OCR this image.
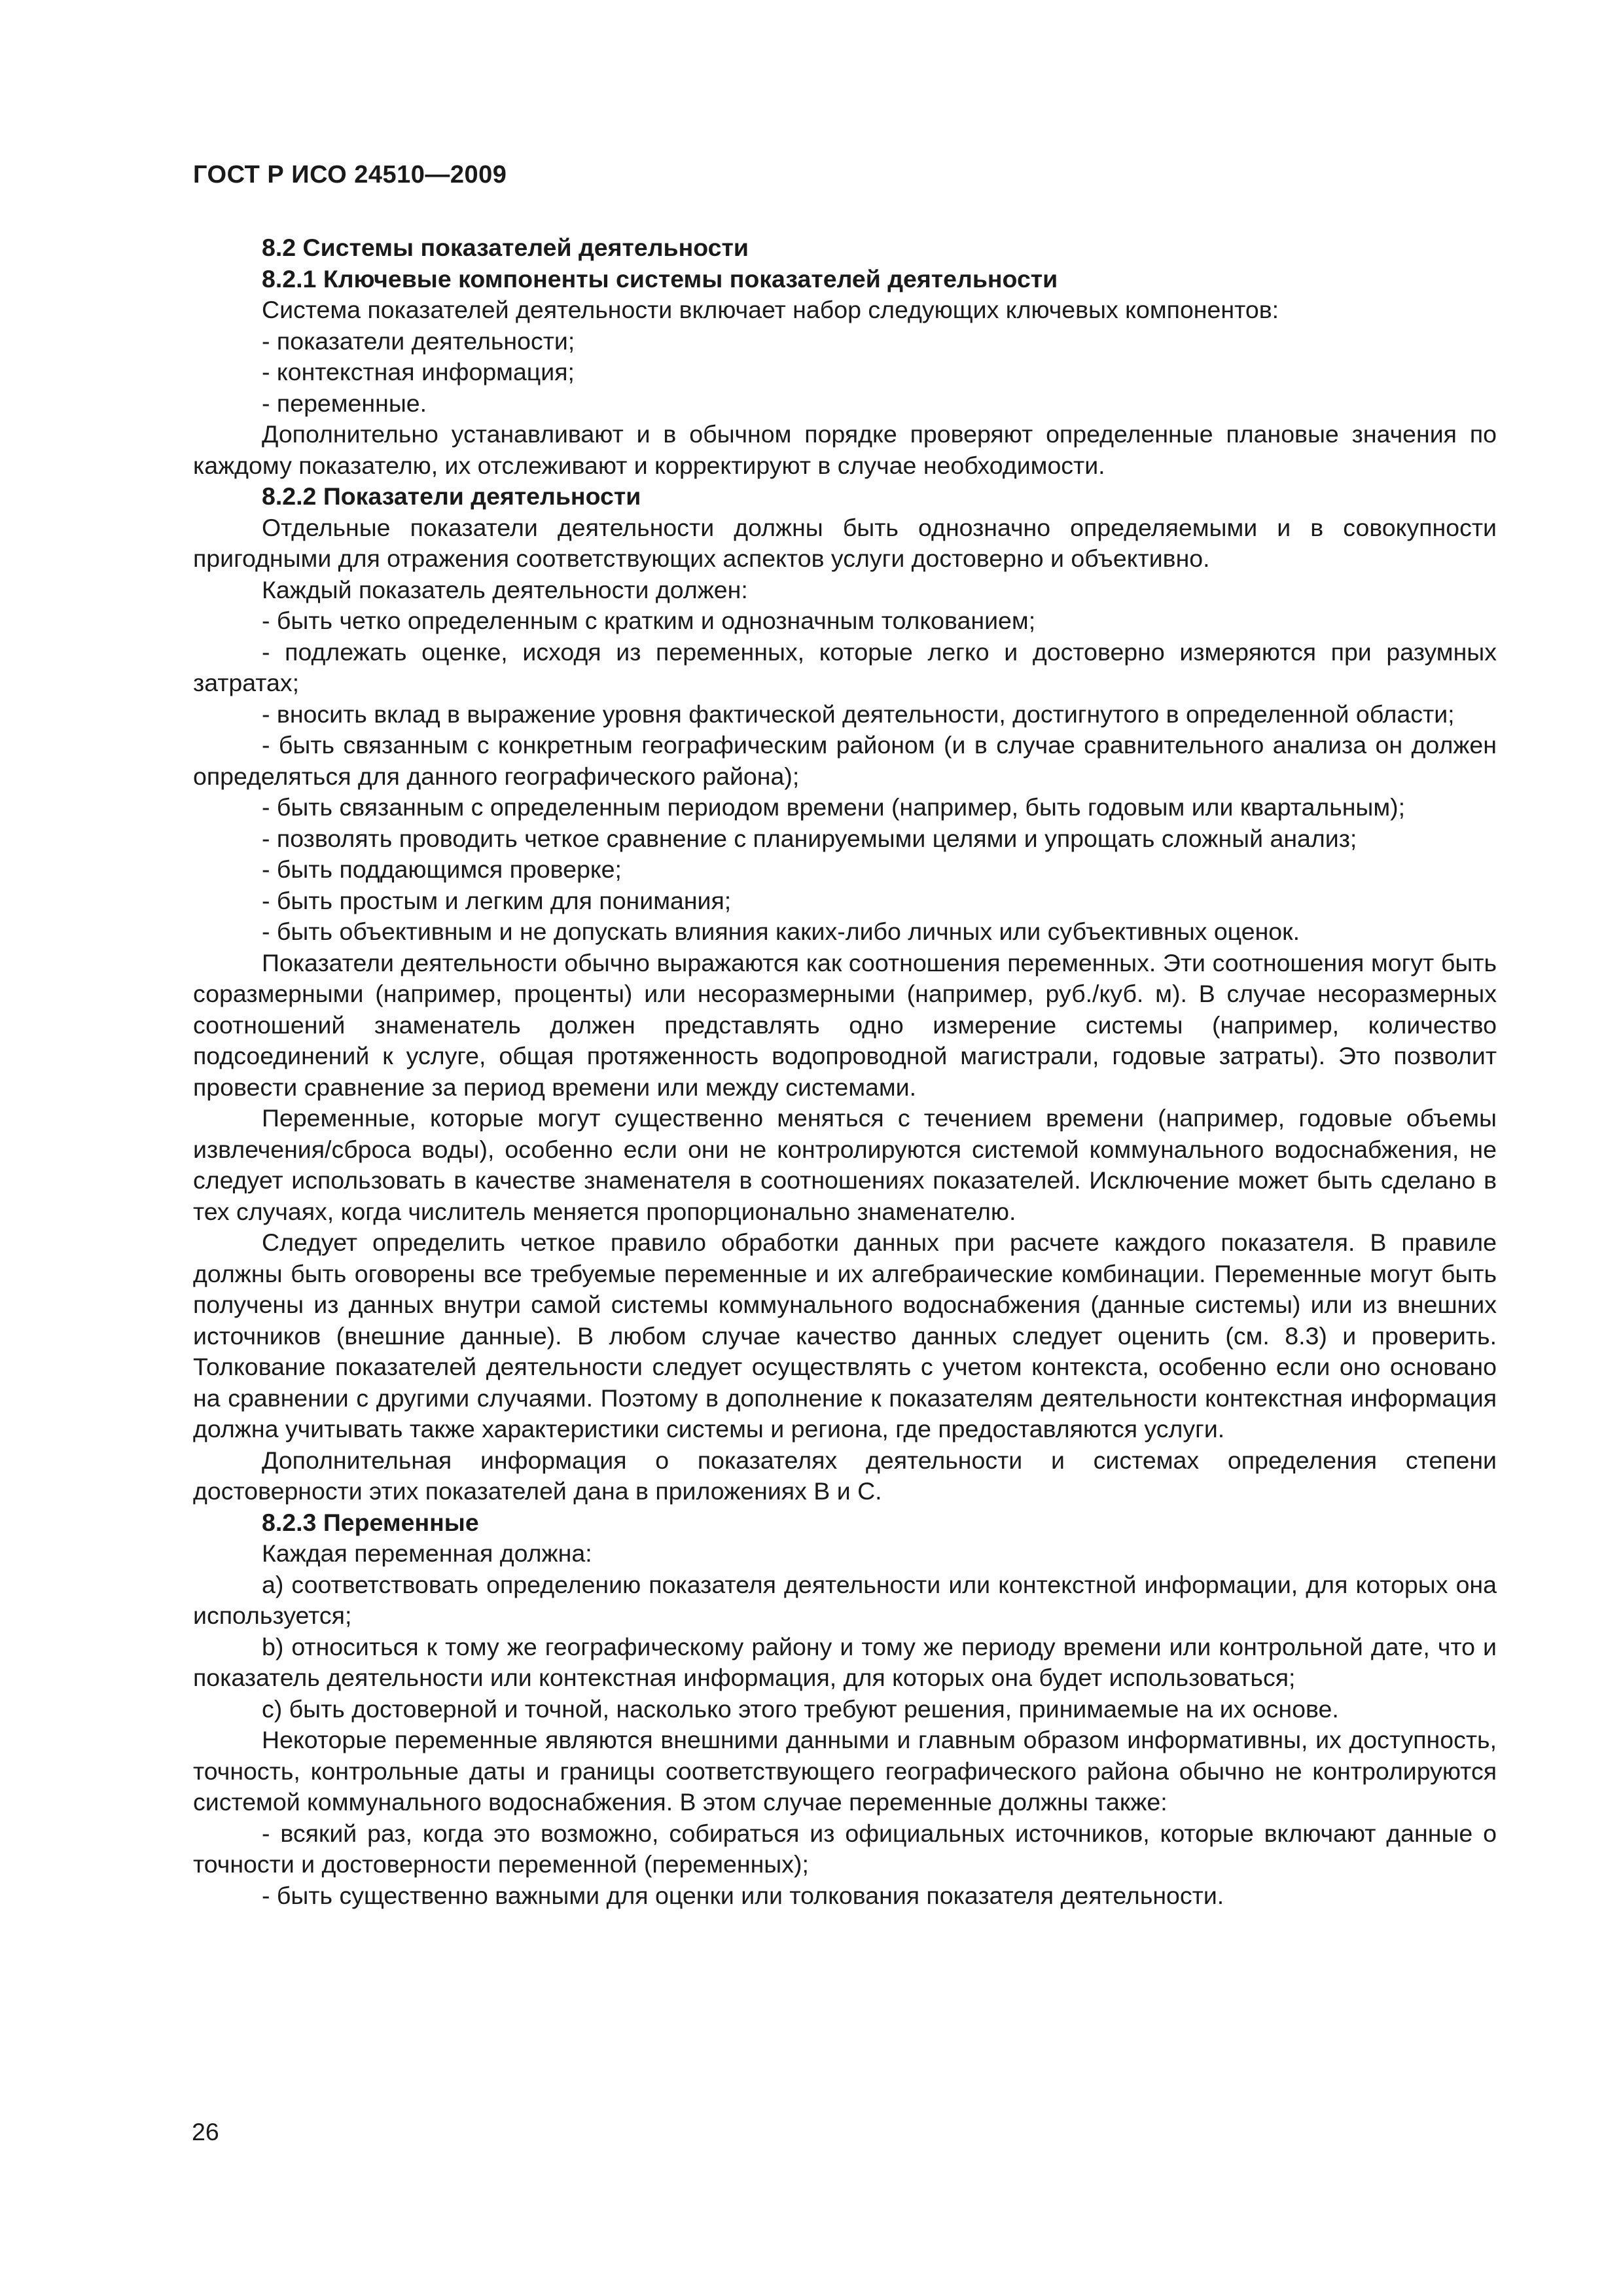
ГОСТ Р ИСО 24510—2009

8.2 Системы показателей деятельности

8.2.1 Ключевые компоненты системы показателей деятельности

Система показателей деятельности включает набор следующих ключевых компонентов:

- показатели деятельности;

- контекстная информация;

- переменные.

Дополнительно устанавливают и в обычном порядке проверяют определенные плановые значения по каждому показателю, их отслеживают и корректируют в случае необходимости.

8.2.2 Показатели деятельности

Отдельные показатели деятельности должны быть однозначно определяемыми и в совокупности пригодными для отражения соответствующих аспектов услуги достоверно и объективно.

Каждый показатель деятельности должен:

- быть четко определенным с кратким и однозначным толкованием;

- подлежать оценке, исходя из переменных, которые легко и достоверно измеряются при разумных затратах;

- вносить вклад в выражение уровня фактической деятельности, достигнутого в определенной области;

- быть связанным с конкретным географическим районом (и в случае сравнительного анализа он должен определяться для данного географического района);

- быть связанным с определенным периодом времени (например, быть годовым или квартальным);

- позволять проводить четкое сравнение с планируемыми целями и упрощать сложный анализ;

- быть поддающимся проверке;

- быть простым и легким для понимания;

- быть объективным и не допускать влияния каких-либо личных или субъективных оценок.

Показатели деятельности обычно выражаются как соотношения переменных. Эти соотношения могут быть соразмерными (например, проценты) или несоразмерными (например, руб./куб. м). В случае несоразмерных соотношений знаменатель должен представлять одно измерение системы (например, количество подсоединений к услуге, общая протяженность водопроводной магистрали, годовые затраты). Это позволит провести сравнение за период времени или между системами.

Переменные, которые могут существенно меняться с течением времени (например, годовые объемы извлечения/сброса воды), особенно если они не контролируются системой коммунального водоснабжения, не следует использовать в качестве знаменателя в соотношениях показателей. Исключение может быть сделано в тех случаях, когда числитель меняется пропорционально знаменателю.

Следует определить четкое правило обработки данных при расчете каждого показателя. В правиле должны быть оговорены все требуемые переменные и их алгебраические комбинации. Переменные могут быть получены из данных внутри самой системы коммунального водоснабжения (данные системы) или из внешних источников (внешние данные). В любом случае качество данных следует оценить (см. 8.3) и проверить. Толкование показателей деятельности следует осуществлять с учетом контекста, особенно если оно основано на сравнении с другими случаями. Поэтому в дополнение к показателям деятельности контекстная информация должна учитывать также характеристики системы и региона, где предоставляются услуги.

Дополнительная информация о показателях деятельности и системах определения степени достоверности этих показателей дана в приложениях В и С.

8.2.3 Переменные

Каждая переменная должна:

a) соответствовать определению показателя деятельности или контекстной информации, для которых она используется;

b) относиться к тому же географическому району и тому же периоду времени или контрольной дате, что и показатель деятельности или контекстная информация, для которых она будет использоваться;

c) быть достоверной и точной, насколько этого требуют решения, принимаемые на их основе.

Некоторые переменные являются внешними данными и главным образом информативны, их доступность, точность, контрольные даты и границы соответствующего географического района обычно не контролируются системой коммунального водоснабжения. В этом случае переменные должны также:

- всякий раз, когда это возможно, собираться из официальных источников, которые включают данные о точности и достоверности переменной (переменных);

- быть существенно важными для оценки или толкования показателя деятельности.

26
